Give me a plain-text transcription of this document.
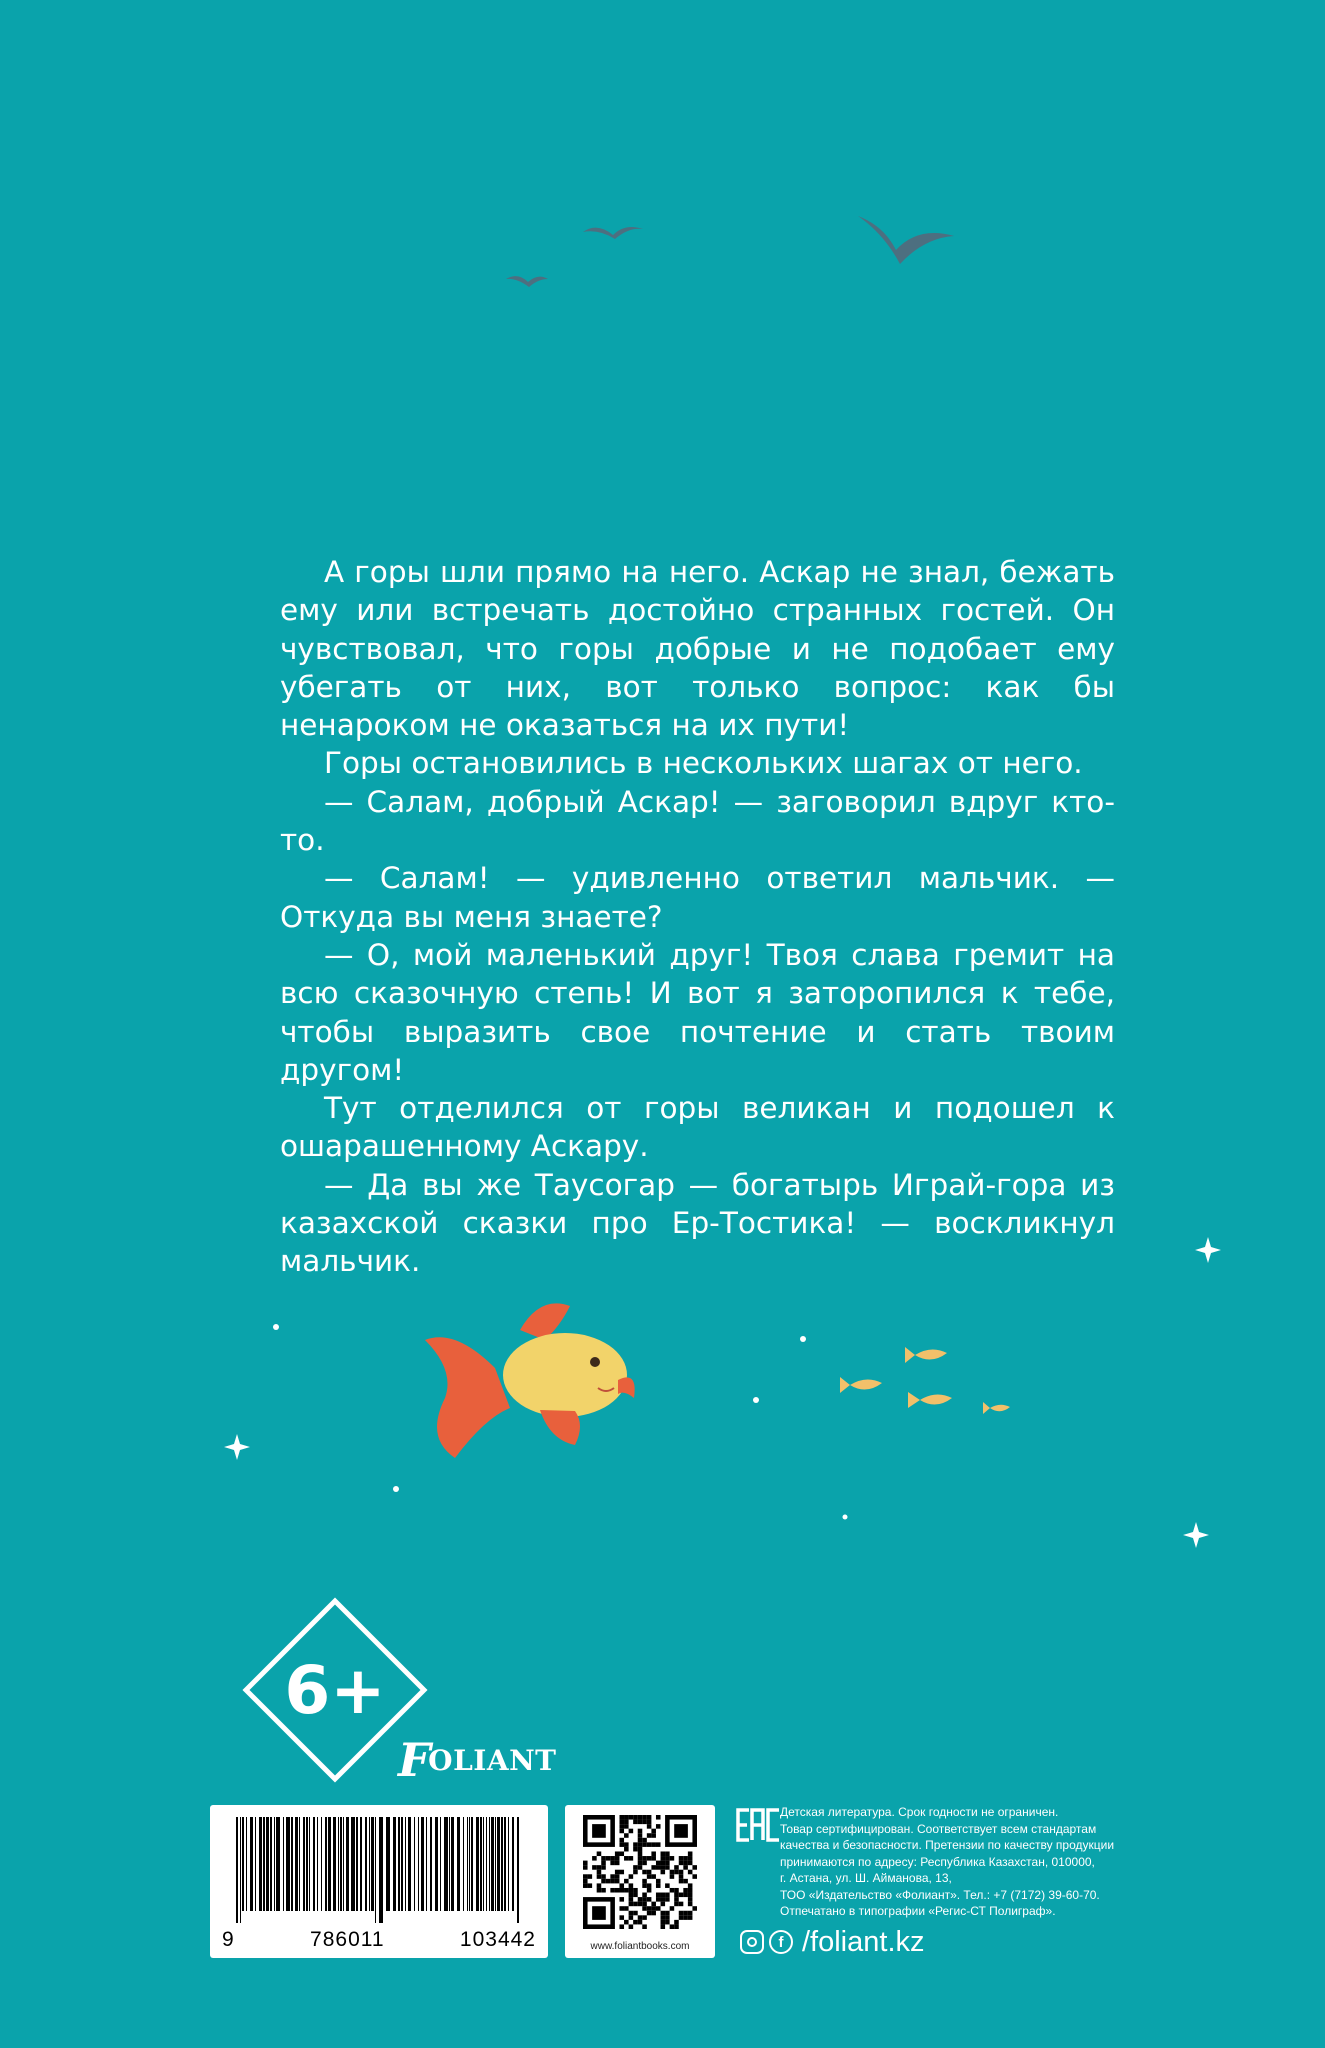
А горы шли прямо на него. Аскар не знал, бежать ему или встречать достойно странных гостей. Он чувствовал, что горы добрые и не подобает ему убегать от них, вот только вопрос: как бы ненароком не оказаться на их пути!

Горы остановились в нескольких шагах от него.

— Салам, добрый Аскар! — заговорил вдруг кто-то.

— Салам! — удивленно ответил мальчик. — Откуда вы меня знаете?

— О, мой маленький друг! Твоя слава гремит на всю сказочную степь! И вот я заторопился к тебе, чтобы выразить свое почтение и стать твоим другом!

Тут отделился от горы великан и подошел к ошарашенному Аскару.

— Да вы же Таусогар — богатырь Играй-гора из казахской сказки про Ер-Тостика! — воскликнул мальчик.

6+
F
OLIANT
9	786011	103442	www.foliantbooks.com
Детская литература. Срок годности не ограничен.
Товар сертифицирован. Соответствует всем стандартам
качества и безопасности. Претензии по качеству продукции
принимаются по адресу: Республика Казахстан, 010000,
г. Астана, ул. Ш. Айманова, 13,
ТОО «Издательство «Фолиант». Тел.: +7 (7172) 39-60-70.
Отпечатано в типографии «Регис-СТ Полиграф».
f /foliant.kz
